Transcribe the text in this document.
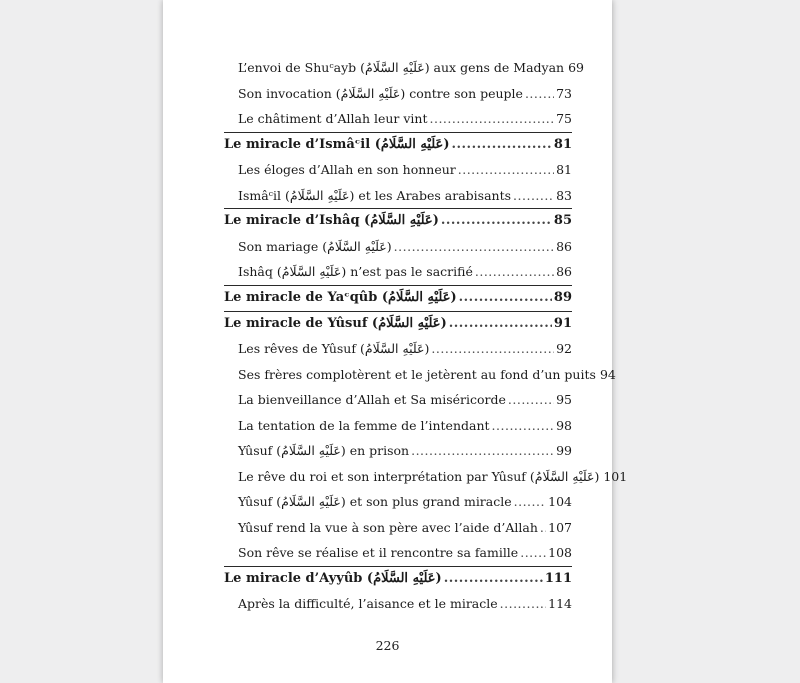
L’envoi de Shuᶜayb (عَلَيْهِ السَّلَامُ) aux gens de Madyan 69
Son invocation (عَلَيْهِ السَّلَامُ) contre son peuple .....	73
Le châtiment d’Allah leur vint .....	75
Le miracle d’Ismâᶜil (عَلَيْهِ السَّلَامُ) .....	81
Les éloges d’Allah en son honneur .....	81
Ismâᶜil (عَلَيْهِ السَّلَامُ) et les Arabes arabisants .....	83
Le miracle d’Ishâq (عَلَيْهِ السَّلَامُ) .....	85
Son mariage (عَلَيْهِ السَّلَامُ) .....	86
Ishâq (عَلَيْهِ السَّلَامُ) n’est pas le sacrifié .....	86
Le miracle de Yaᶜqûb (عَلَيْهِ السَّلَامُ) .....	89
Le miracle de Yûsuf (عَلَيْهِ السَّلَامُ) .....	91
Les rêves de Yûsuf (عَلَيْهِ السَّلَامُ) .....	92
Ses frères complotèrent et le jetèrent au fond d’un puits 94
La bienveillance d’Allah et Sa miséricorde .....	95
La tentation de la femme de l’intendant .....	98
Yûsuf (عَلَيْهِ السَّلَامُ) en prison .....	99
Le rêve du roi et son interprétation par Yûsuf (عَلَيْهِ السَّلَامُ) 101
Yûsuf (عَلَيْهِ السَّلَامُ) et son plus grand miracle .....	104
Yûsuf rend la vue à son père avec l’aide d’Allah ..... 107
Son rêve se réalise et il rencontre sa famille ..... 108
Le miracle d’Ayyûb (عَلَيْهِ السَّلَامُ) .....	111
Après la difficulté, l’aisance et le miracle .....	114
226
